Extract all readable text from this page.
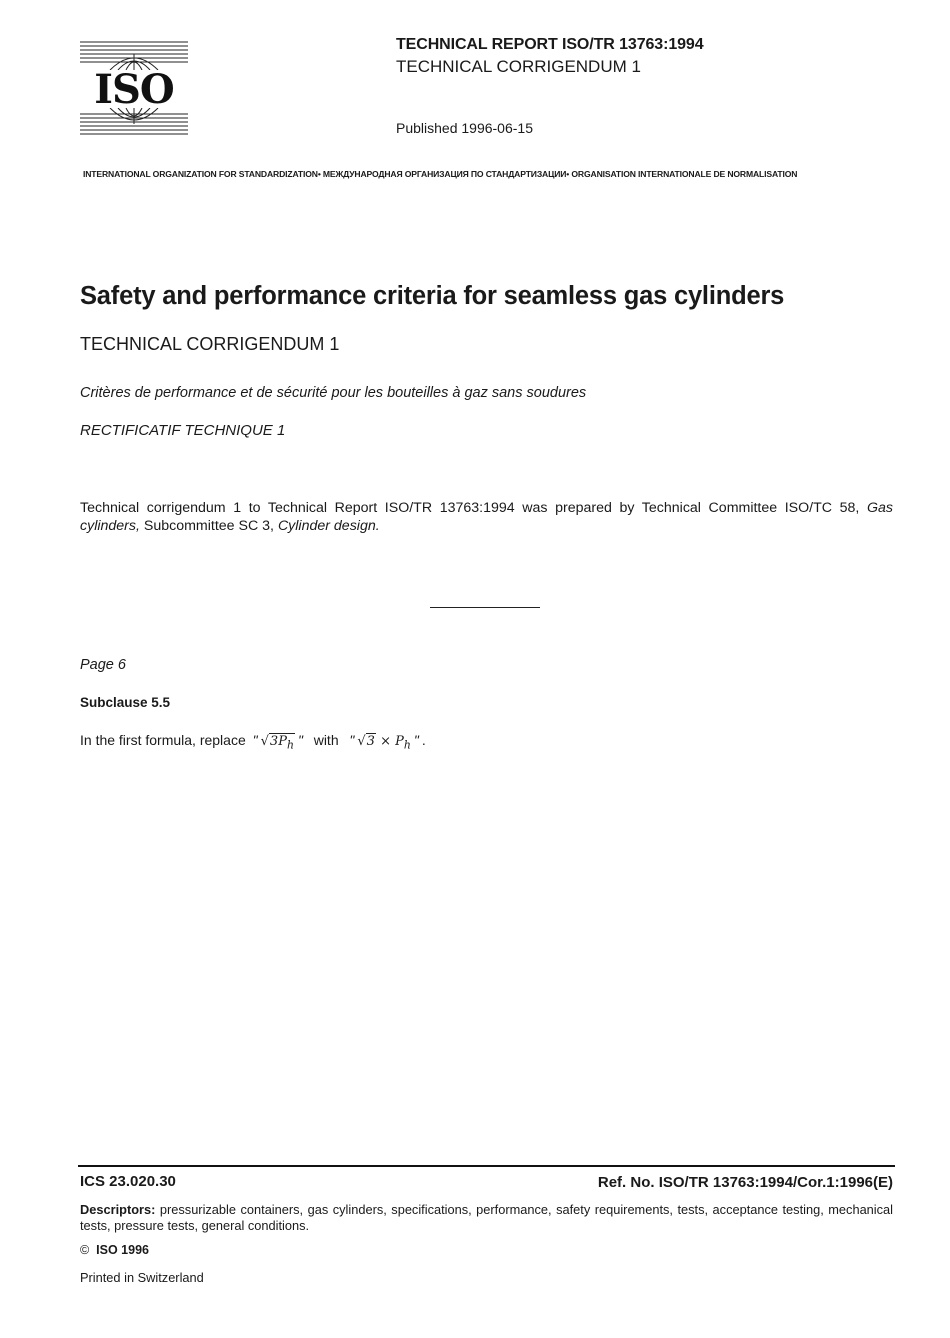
ISO
TECHNICAL REPORT ISO/TR 13763:1994
TECHNICAL CORRIGENDUM 1
Published 1996-06-15
INTERNATIONAL ORGANIZATION FOR STANDARDIZATION• МЕЖДУНАРОДНАЯ ОРГАНИЗАЦИЯ ПО СТАНДАРТИЗАЦИИ• ORGANISATION INTERNATIONALE DE NORMALISATION
Safety and performance criteria for seamless gas cylinders
TECHNICAL CORRIGENDUM 1
Critères de performance et de sécurité pour les bouteilles à gaz sans soudures
RECTIFICATIF TECHNIQUE 1
Technical corrigendum 1 to Technical Report ISO/TR 13763:1994 was prepared by Technical Committee ISO/TC 58, Gas cylinders, Subcommittee SC 3, Cylinder design.
Page 6
Subclause 5.5
In the first formula, replace " $√3P_h$ " with " $√3 \times P_h$ " .
ICS 23.020.30	Ref. No. ISO/TR 13763:1994/Cor.1:1996(E)
Descriptors: pressurizable containers, gas cylinders, specifications, performance, safety requirements, tests, acceptance testing, mechanical tests, pressure tests, general conditions.
© ISO 1996
Printed in Switzerland
